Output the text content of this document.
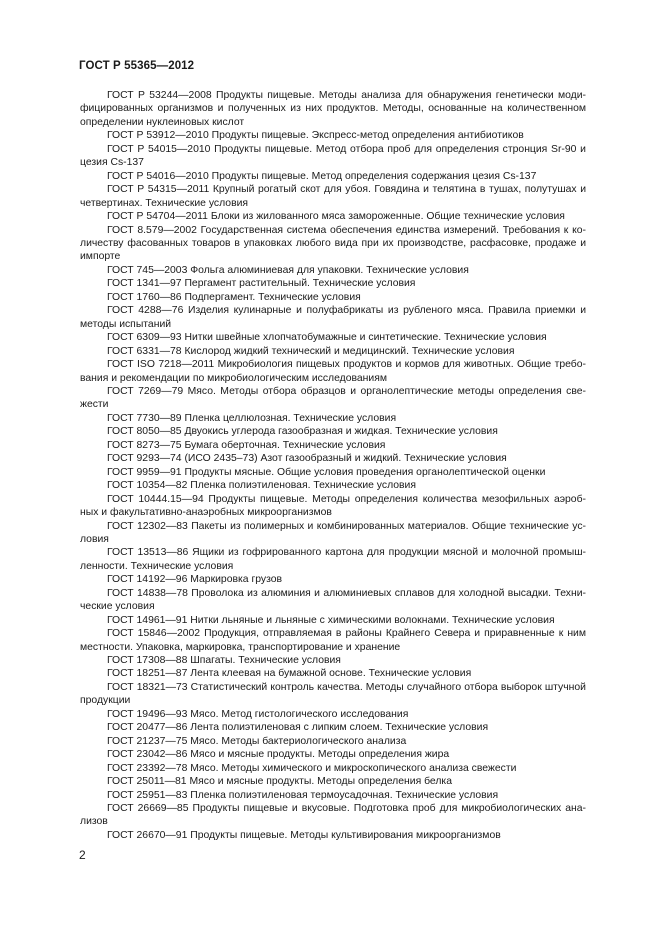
ГОСТ Р 55365—2012

ГОСТ Р 53244—2008 Продукты пищевые. Методы анализа для обнаружения генетически моди-фицированных организмов и полученных из них продуктов. Методы, основанные на количественном определении нуклеиновых кислот

ГОСТ Р 53912—2010 Продукты пищевые. Экспресс-метод определения антибиотиков

ГОСТ Р 54015—2010 Продукты пищевые. Метод отбора проб для определения стронция Sr-90 и цезия Cs-137

ГОСТ Р 54016—2010 Продукты пищевые. Метод определения содержания цезия Cs-137

ГОСТ Р 54315—2011 Крупный рогатый скот для убоя. Говядина и телятина в тушах, полутушах и четвертинах. Технические условия

ГОСТ Р 54704—2011 Блоки из жилованного мяса замороженные. Общие технические условия

ГОСТ 8.579—2002 Государственная система обеспечения единства измерений. Требования к ко-личеству фасованных товаров в упаковках любого вида при их производстве, расфасовке, продаже и импорте

ГОСТ 745—2003 Фольга алюминиевая для упаковки. Технические условия

ГОСТ 1341—97 Пергамент растительный. Технические условия

ГОСТ 1760—86 Подпергамент. Технические условия

ГОСТ 4288—76 Изделия кулинарные и полуфабрикаты из рубленого мяса. Правила приемки и методы испытаний

ГОСТ 6309—93 Нитки швейные хлопчатобумажные и синтетические. Технические условия

ГОСТ 6331—78 Кислород жидкий технический и медицинский. Технические условия

ГОСТ ISO 7218—2011 Микробиология пищевых продуктов и кормов для животных. Общие требо-вания и рекомендации по микробиологическим исследованиям

ГОСТ 7269—79 Мясо. Методы отбора образцов и органолептические методы определения све-жести

ГОСТ 7730—89 Пленка целлюлозная. Технические условия

ГОСТ 8050—85 Двуокись углерода газообразная и жидкая. Технические условия

ГОСТ 8273—75 Бумага оберточная. Технические условия

ГОСТ 9293—74 (ИСО 2435–73) Азот газообразный и жидкий. Технические условия

ГОСТ 9959—91 Продукты мясные. Общие условия проведения органолептической оценки

ГОСТ 10354—82 Пленка полиэтиленовая. Технические условия

ГОСТ 10444.15—94 Продукты пищевые. Методы определения количества мезофильных аэроб-ных и факультативно-анаэробных микроорганизмов

ГОСТ 12302—83 Пакеты из полимерных и комбинированных материалов. Общие технические ус-ловия

ГОСТ 13513—86 Ящики из гофрированного картона для продукции мясной и молочной промыш-ленности. Технические условия

ГОСТ 14192—96 Маркировка грузов

ГОСТ 14838—78 Проволока из алюминия и алюминиевых сплавов для холодной высадки. Техни-ческие условия

ГОСТ 14961—91 Нитки льняные и льняные с химическими волокнами. Технические условия

ГОСТ 15846—2002 Продукция, отправляемая в районы Крайнего Севера и приравненные к ним местности. Упаковка, маркировка, транспортирование и хранение

ГОСТ 17308—88 Шпагаты. Технические условия

ГОСТ 18251—87 Лента клеевая на бумажной основе. Технические условия

ГОСТ 18321—73 Статистический контроль качества. Методы случайного отбора выборок штучной продукции

ГОСТ 19496—93 Мясо. Метод гистологического исследования

ГОСТ 20477—86 Лента полиэтиленовая с липким слоем. Технические условия

ГОСТ 21237—75 Мясо. Методы бактериологического анализа

ГОСТ 23042—86 Мясо и мясные продукты. Методы определения жира

ГОСТ 23392—78 Мясо. Методы химического и микроскопического анализа свежести

ГОСТ 25011—81 Мясо и мясные продукты. Методы определения белка

ГОСТ 25951—83 Пленка полиэтиленовая термоусадочная. Технические условия

ГОСТ 26669—85 Продукты пищевые и вкусовые. Подготовка проб для микробиологических ана-лизов

ГОСТ 26670—91 Продукты пищевые. Методы культивирования микроорганизмов

2
